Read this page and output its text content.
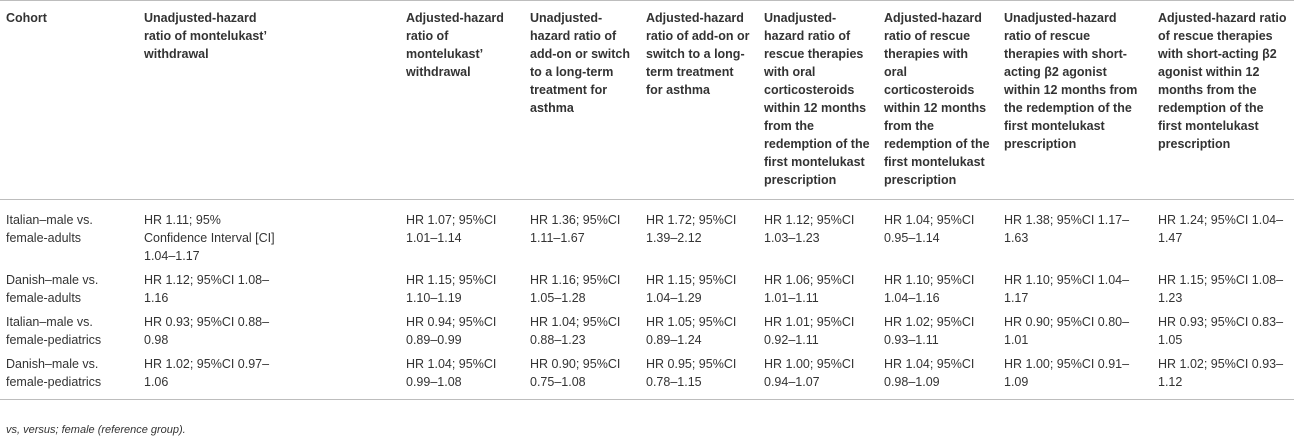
Cohort	Unadjusted-hazard ratio of montelukast’ withdrawal		Adjusted-hazard ratio of montelukast’ withdrawal	Unadjusted-hazard ratio of add-on or switch to a long-term treatment for asthma	Adjusted-hazard ratio of add-on or switch to a long-term treatment for asthma	Unadjusted-hazard ratio of rescue therapies with oral corticosteroids within 12 months from the redemption of the first montelukast prescription	Adjusted-hazard ratio of rescue therapies with oral corticosteroids within 12 months from the redemption of the first montelukast prescription	Unadjusted-hazard ratio of rescue therapies with short-acting β2 agonist within 12 months from the redemption of the first montelukast prescription	Adjusted-hazard ratio of rescue therapies with short-acting β2 agonist within 12 months from the redemption of the first montelukast prescription
Italian–male vs. female-adults	HR 1.11; 95% Confidence Interval [CI] 1.04–1.17		HR 1.07; 95%CI 1.01–1.14	HR 1.36; 95%CI 1.11–1.67	HR 1.72; 95%CI 1.39–2.12	HR 1.12; 95%CI 1.03–1.23	HR 1.04; 95%CI 0.95–1.14	HR 1.38; 95%CI 1.17–1.63	HR 1.24; 95%CI 1.04–1.47
Danish–male vs. female-adults	HR 1.12; 95%CI 1.08–1.16		HR 1.15; 95%CI 1.10–1.19	HR 1.16; 95%CI 1.05–1.28	HR 1.15; 95%CI 1.04–1.29	HR 1.06; 95%CI 1.01–1.11	HR 1.10; 95%CI 1.04–1.16	HR 1.10; 95%CI 1.04–1.17	HR 1.15; 95%CI 1.08–1.23
Italian–male vs. female-pediatrics	HR 0.93; 95%CI 0.88–0.98		HR 0.94; 95%CI 0.89–0.99	HR 1.04; 95%CI 0.88–1.23	HR 1.05; 95%CI 0.89–1.24	HR 1.01; 95%CI 0.92–1.11	HR 1.02; 95%CI 0.93–1.11	HR 0.90; 95%CI 0.80–1.01	HR 0.93; 95%CI 0.83–1.05
Danish–male vs. female-pediatrics	HR 1.02; 95%CI 0.97–1.06		HR 1.04; 95%CI 0.99–1.08	HR 0.90; 95%CI 0.75–1.08	HR 0.95; 95%CI 0.78–1.15	HR 1.00; 95%CI 0.94–1.07	HR 1.04; 95%CI 0.98–1.09	HR 1.00; 95%CI 0.91–1.09	HR 1.02; 95%CI 0.93–1.12
vs, versus; female (reference group).
